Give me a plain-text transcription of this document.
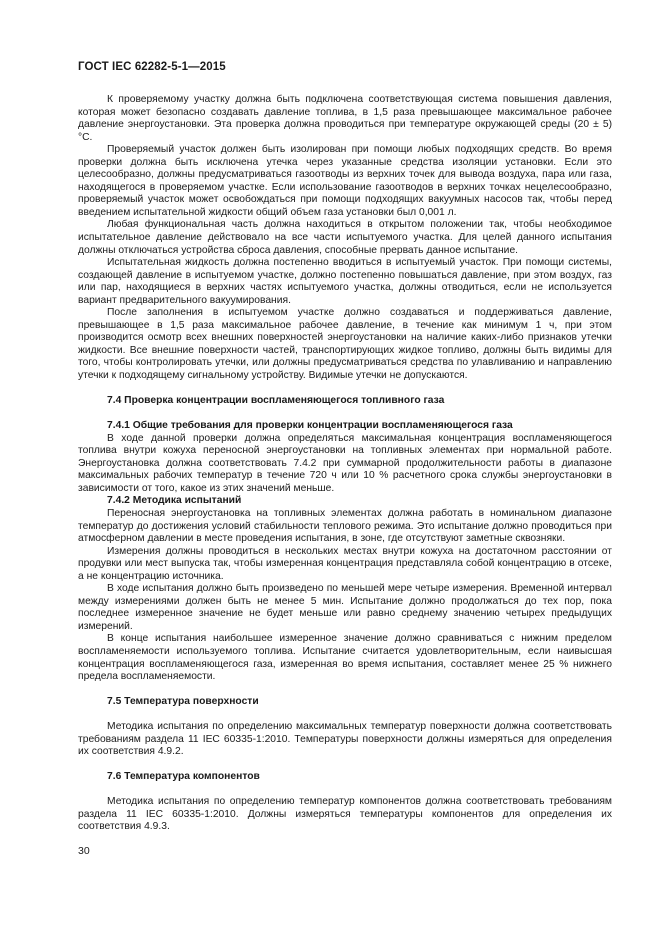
ГОСТ IEC 62282-5-1—2015

К проверяемому участку должна быть подключена соответствующая система повышения давления, которая может безопасно создавать давление топлива, в 1,5 раза превышающее максимальное рабочее давление энергоустановки. Эта проверка должна проводиться при температуре окружающей среды (20 ± 5) °С.

Проверяемый участок должен быть изолирован при помощи любых подходящих средств. Во время проверки должна быть исключена утечка через указанные средства изоляции установки. Если это целесообразно, должны предусматриваться газоотводы из верхних точек для вывода воздуха, пара или газа, находящегося в проверяемом участке. Если использование газоотводов в верхних точках нецелесообразно, проверяемый участок может освобождаться при помощи подходящих вакуумных насосов так, чтобы перед введением испытательной жидкости общий объем газа установки был 0,001 л.

Любая функциональная часть должна находиться в открытом положении так, чтобы необходимое испытательное давление действовало на все части испытуемого участка. Для целей данного испытания должны отключаться устройства сброса давления, способные прервать данное испытание.

Испытательная жидкость должна постепенно вводиться в испытуемый участок. При помощи системы, создающей давление в испытуемом участке, должно постепенно повышаться давление, при этом воздух, газ или пар, находящиеся в верхних частях испытуемого участка, должны отводиться, если не используется вариант предварительного вакуумирования.

После заполнения в испытуемом участке должно создаваться и поддерживаться давление, превышающее в 1,5 раза максимальное рабочее давление, в течение как минимум 1 ч, при этом производится осмотр всех внешних поверхностей энергоустановки на наличие каких-либо признаков утечки жидкости. Все внешние поверхности частей, транспортирующих жидкое топливо, должны быть видимы для того, чтобы контролировать утечки, или должны предусматриваться средства по улавливанию и направлению утечки к подходящему сигнальному устройству. Видимые утечки не допускаются.

7.4 Проверка концентрации воспламеняющегося топливного газа

7.4.1 Общие требования для проверки концентрации воспламеняющегося газа

В ходе данной проверки должна определяться максимальная концентрация воспламеняющегося топлива внутри кожуха переносной энергоустановки на топливных элементах при нормальной работе. Энергоустановка должна соответствовать 7.4.2 при суммарной продолжительности работы в диапазоне максимальных рабочих температур в течение 720 ч или 10 % расчетного срока службы энергоустановки в зависимости от того, какое из этих значений меньше.

7.4.2 Методика испытаний

Переносная энергоустановка на топливных элементах должна работать в номинальном диапазоне температур до достижения условий стабильности теплового режима. Это испытание должно проводиться при атмосферном давлении в месте проведения испытания, в зоне, где отсутствуют заметные сквозняки.

Измерения должны проводиться в нескольких местах внутри кожуха на достаточном расстоянии от продувки или мест выпуска так, чтобы измеренная концентрация представляла собой концентрацию в отсеке, а не концентрацию источника.

В ходе испытания должно быть произведено по меньшей мере четыре измерения. Временной интервал между измерениями должен быть не менее 5 мин. Испытание должно продолжаться до тех пор, пока последнее измеренное значение не будет меньше или равно среднему значению четырех предыдущих измерений.

В конце испытания наибольшее измеренное значение должно сравниваться с нижним пределом воспламеняемости используемого топлива. Испытание считается удовлетворительным, если наивысшая концентрация воспламеняющегося газа, измеренная во время испытания, составляет менее 25 % нижнего предела воспламеняемости.

7.5 Температура поверхности

Методика испытания по определению максимальных температур поверхности должна соответствовать требованиям раздела 11 IEC 60335-1:2010. Температуры поверхности должны измеряться для определения их соответствия 4.9.2.

7.6 Температура компонентов

Методика испытания по определению температур компонентов должна соответствовать требованиям раздела 11 IEC 60335-1:2010. Должны измеряться температуры компонентов для определения их соответствия 4.9.3.

30
